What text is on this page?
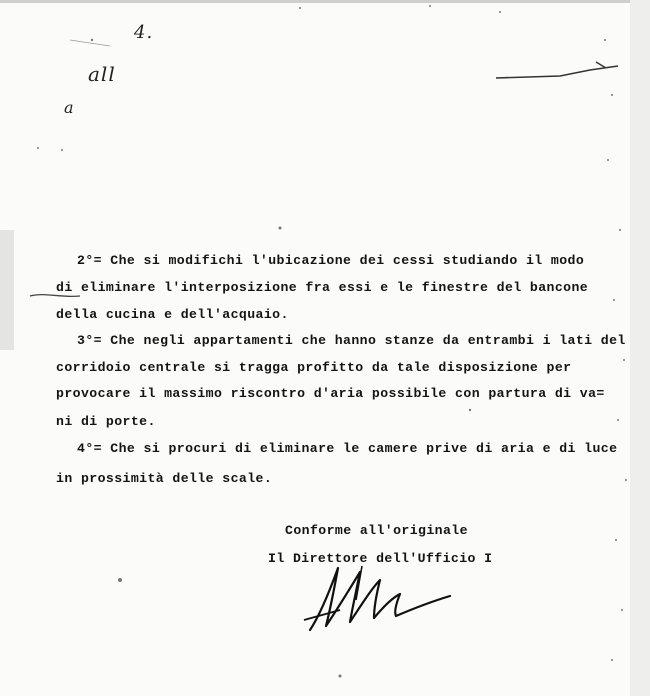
4.
all
a
2°= Che si modifichi l'ubicazione dei cessi studiando il modo
di eliminare l'interposizione fra essi e le finestre del bancone
della cucina e dell'acquaio.
3°= Che negli appartamenti che hanno stanze da entrambi i lati del
corridoio centrale si tragga profitto da tale disposizione per
provocare il massimo riscontro d'aria possibile con partura di va=
ni di porte.
4°= Che si procuri di eliminare le camere prive di aria e di luce
in prossimità delle scale.
Conforme all'originale
Il Direttore dell'Ufficio I
